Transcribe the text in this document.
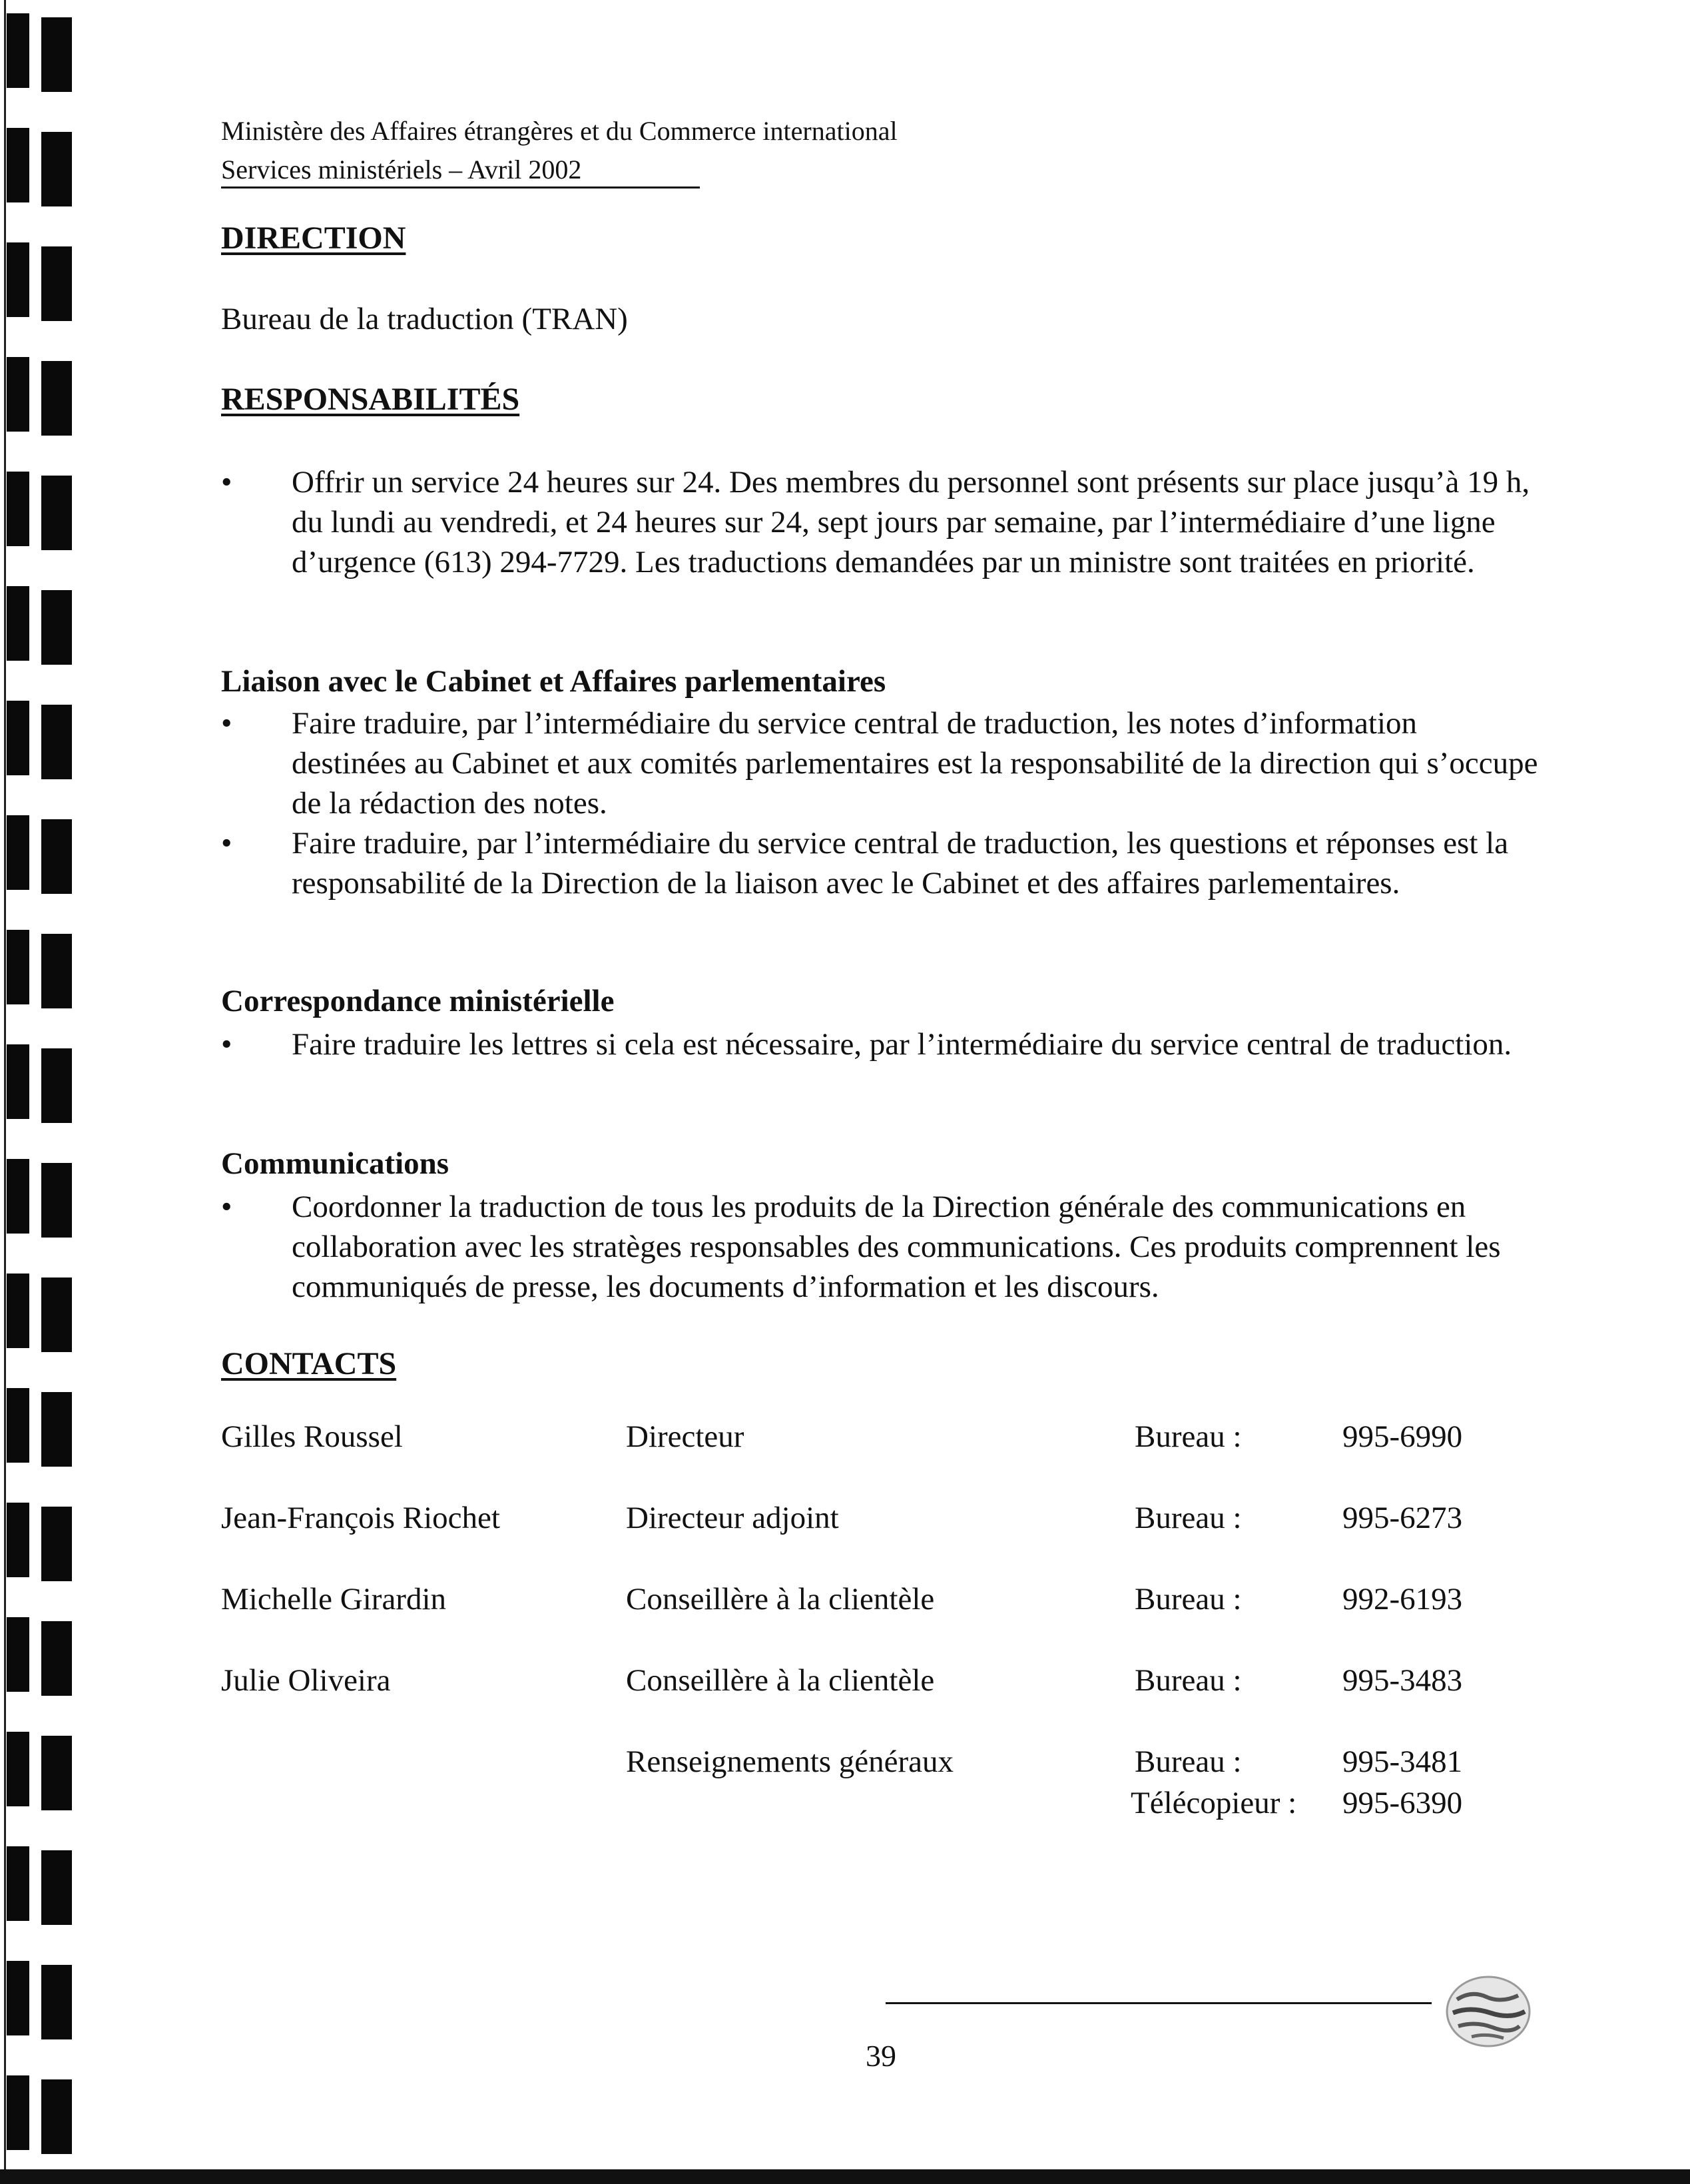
Ministère des Affaires étrangères et du Commerce international
Services ministériels – Avril 2002
DIRECTION

Bureau de la traduction (TRAN)

RESPONSABILITÉS

• Offrir un service 24 heures sur 24. Des membres du personnel sont présents sur place jusqu’à 19 h, du lundi au vendredi, et 24 heures sur 24, sept jours par semaine, par l’intermédiaire d’une ligne d’urgence (613) 294-7729. Les traductions demandées par un ministre sont traitées en priorité.

Liaison avec le Cabinet et Affaires parlementaires

• Faire traduire, par l’intermédiaire du service central de traduction, les notes d’information destinées au Cabinet et aux comités parlementaires est la responsabilité de la direction qui s’occupe de la rédaction des notes.

• Faire traduire, par l’intermédiaire du service central de traduction, les questions et réponses est la responsabilité de la Direction de la liaison avec le Cabinet et des affaires parlementaires.

Correspondance ministérielle

• Faire traduire les lettres si cela est nécessaire, par l’intermédiaire du service central de traduction.

Communications

• Coordonner la traduction de tous les produits de la Direction générale des communications en collaboration avec les stratèges responsables des communications. Ces produits comprennent les communiqués de presse, les documents d’information et les discours.

CONTACTS
Gilles Roussel	Directeur	Bureau :	995-6990
Jean-François Riochet	Directeur adjoint	Bureau :	995-6273
Michelle Girardin	Conseillère à la clientèle	Bureau :	992-6193
Julie Oliveira	Conseillère à la clientèle	Bureau :	995-3483
Renseignements généraux	Bureau :	995-3481
Télécopieur : 995-6390
39
